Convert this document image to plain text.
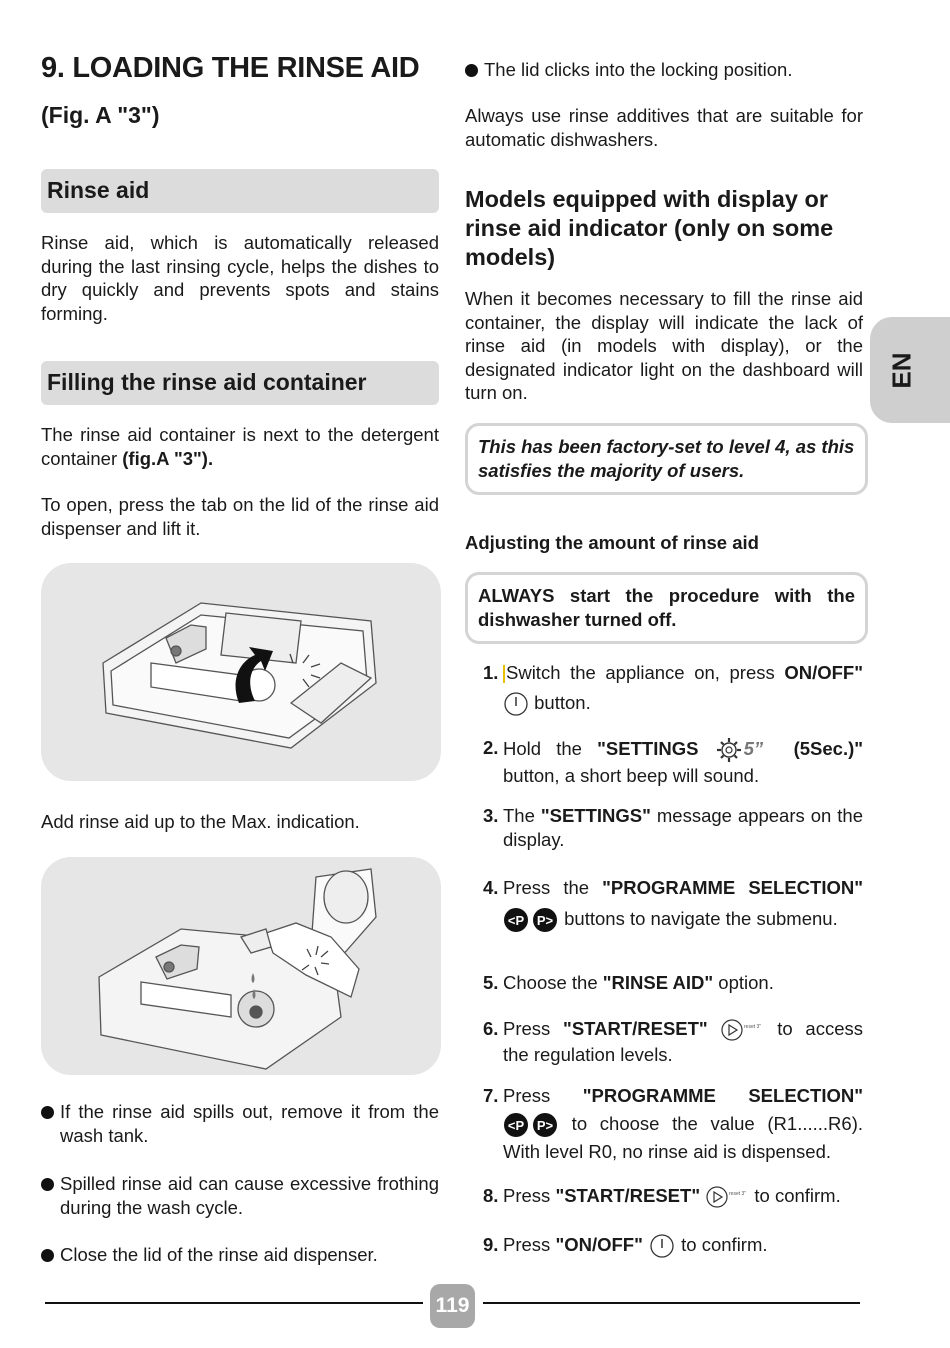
9. LOADING THE RINSE AID
(Fig. A "3")
Rinse aid
Rinse aid, which is automatically released during the last rinsing cycle, helps the dishes to dry quickly and prevents spots and stains forming.
Filling the rinse aid container
The rinse aid container is next to the detergent container (fig.A "3").
To open, press the tab on the lid of the rinse aid dispenser and lift it.
Add rinse aid up to the Max. indication.
If the rinse aid spills out, remove it from the wash tank.
Spilled rinse aid can cause excessive frothing during the wash cycle.
Close the lid of the rinse aid dispenser.
The lid clicks into the locking position.
Always use rinse additives that are suitable for automatic dishwashers.
Models equipped with display or rinse aid indicator (only on some models)
When it becomes necessary to fill the rinse aid container, the display will indicate the lack of rinse aid (in models with display), or the designated indicator light on the dashboard will turn on.
This has been factory-set to level 4, as this satisfies the majority of users.
Adjusting the amount of rinse aid
ALWAYS start the procedure with the dishwasher turned off.
1. Switch the appliance on, press ON/OFF"  button.
2. Hold the "SETTINGS 5” (5Sec.)" button, a short beep will sound.
3. The "SETTINGS" message appears on the display.
4. Press the "PROGRAMME SELECTION"
<P P> buttons to navigate the submenu.
5. Choose the "RINSE AID" option.
6. Press "START/RESET"	reset 3" to access the regulation levels.
7. Press "PROGRAMME SELECTION"
<P P> to choose the value (R1......R6). With level R0, no rinse aid is dispensed.
8. Press "START/RESET"	reset 3" to confirm.
9. Press "ON/OFF"  to confirm.
EN
119
